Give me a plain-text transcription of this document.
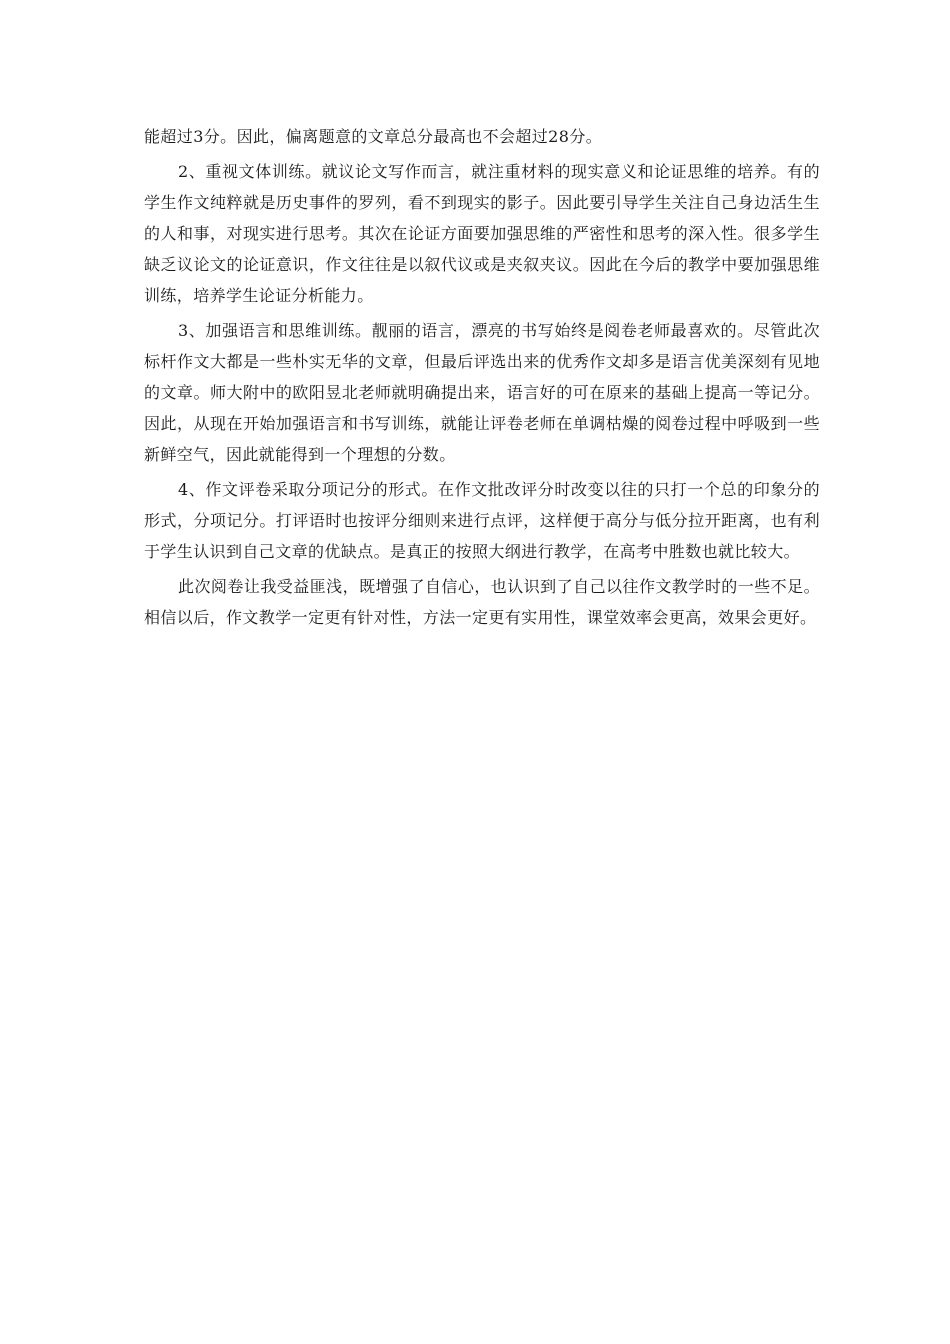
能超过3分。因此，偏离题意的文章总分最高也不会超过28分。

2、重视文体训练。就议论文写作而言，就注重材料的现实意义和论证思维的培养。有的学生作文纯粹就是历史事件的罗列，看不到现实的影子。因此要引导学生关注自己身边活生生的人和事，对现实进行思考。其次在论证方面要加强思维的严密性和思考的深入性。很多学生缺乏议论文的论证意识，作文往往是以叙代议或是夹叙夹议。因此在今后的教学中要加强思维训练，培养学生论证分析能力。

3、加强语言和思维训练。靓丽的语言，漂亮的书写始终是阅卷老师最喜欢的。尽管此次标杆作文大都是一些朴实无华的文章，但最后评选出来的优秀作文却多是语言优美深刻有见地的文章。师大附中的欧阳昱北老师就明确提出来，语言好的可在原来的基础上提高一等记分。因此，从现在开始加强语言和书写训练，就能让评卷老师在单调枯燥的阅卷过程中呼吸到一些新鲜空气，因此就能得到一个理想的分数。

4、作文评卷采取分项记分的形式。在作文批改评分时改变以往的只打一个总的印象分的形式，分项记分。打评语时也按评分细则来进行点评，这样便于高分与低分拉开距离，也有利于学生认识到自己文章的优缺点。是真正的按照大纲进行教学，在高考中胜数也就比较大。

此次阅卷让我受益匪浅，既增强了自信心，也认识到了自己以往作文教学时的一些不足。相信以后，作文教学一定更有针对性，方法一定更有实用性，课堂效率会更高，效果会更好。
